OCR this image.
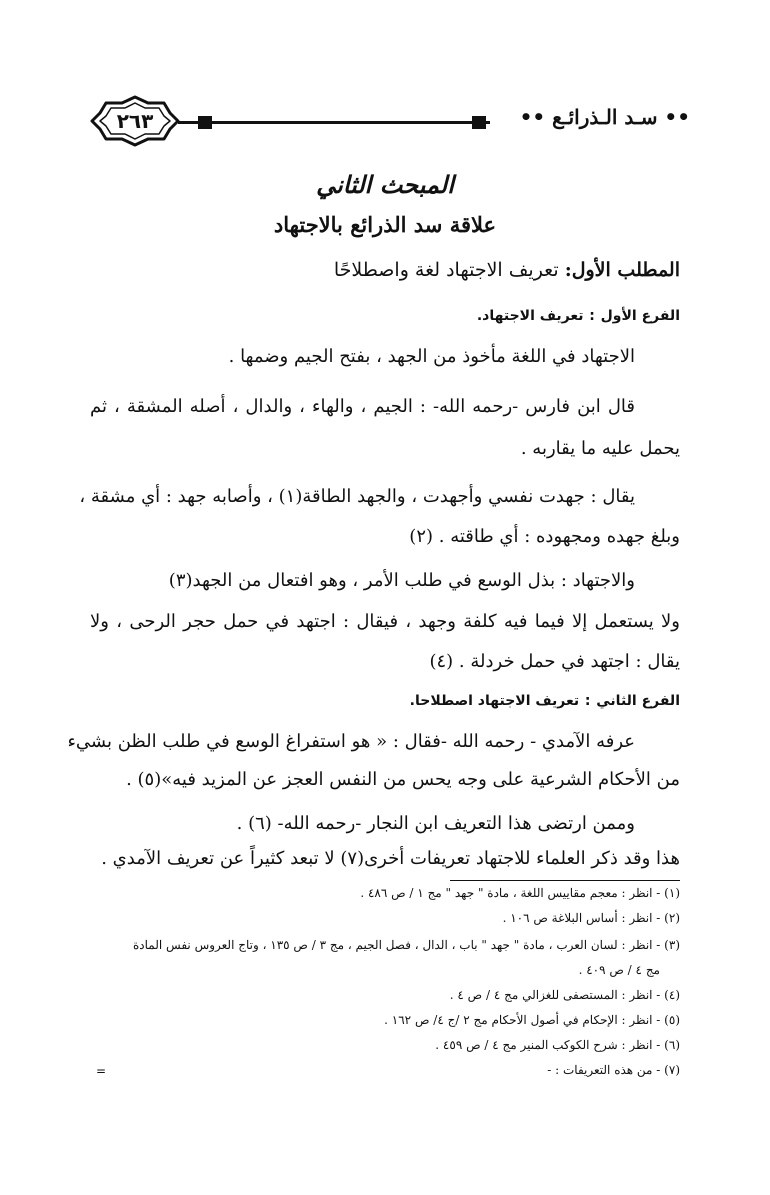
•• سـد الـذرائـع ••
٢٦٣
المبحث الثاني
علاقة سد الذرائع بالاجتهاد
المطلب الأول: تعريف الاجتهاد لغة واصطلاحًا
الفرع الأول : تعريف الاجتهاد.
الاجتهاد في اللغة مأخوذ من الجهد ، بفتح الجيم وضمها .
قال ابن فارس -رحمه الله- : الجيم ، والهاء ، والدال ، أصله المشقة ، ثم
يحمل عليه ما يقاربه .
يقال : جهدت نفسي وأجهدت ، والجهد الطاقة(١) ، وأصابه جهد : أي مشقة ،
وبلغ جهده ومجهوده : أي طاقته . (٢)
والاجتهاد : بذل الوسع في طلب الأمر ، وهو افتعال من الجهد(٣)
ولا يستعمل إلا فيما فيه كلفة وجهد ، فيقال : اجتهد في حمل حجر الرحى ، ولا
يقال : اجتهد في حمل خردلة . (٤)
الفرع الثاني : تعريف الاجتهاد اصطلاحا.
عرفه الآمدي - رحمه الله -فقال : « هو استفراغ الوسع في طلب الظن بشيء
من الأحكام الشرعية على وجه يحس من النفس العجز عن المزيد فيه»(٥) .
وممن ارتضى هذا التعريف ابن النجار -رحمه الله- (٦) .
هذا وقد ذكر العلماء للاجتهاد تعريفات أخرى(٧) لا تبعد كثيراً عن تعريف الآمدي .
(١) - انظر : معجم مقاييس اللغة ، مادة " جهد " مج ١ / ص ٤٨٦ .
(٢) - انظر : أساس البلاغة ص ١٠٦ .
(٣) - انظر : لسان العرب ، مادة " جهد " باب ، الدال ، فصل الجيم ، مج ٣ / ص ١٣٥ ، وتاج العروس نفس المادة
مج ٤ / ص ٤٠٩ .
(٤) - انظر : المستصفى للغزالي مج ٤ / ص ٤ .
(٥) - انظر : الإحكام في أصول الأحكام مج ٢ /ج ٤/ ص ١٦٢ .
(٦) - انظر : شرح الكوكب المنير مج ٤ / ص ٤٥٩ .
(٧) - من هذه التعريفات : -
=
